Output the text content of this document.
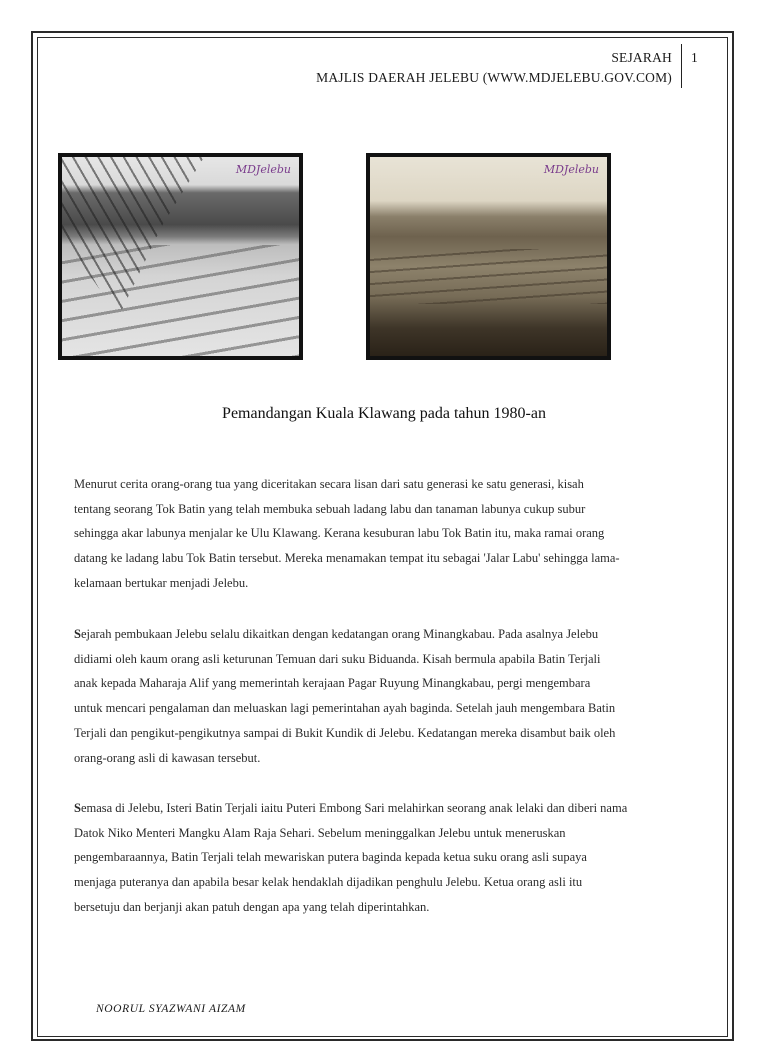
SEJARAH
MAJLIS DAERAH JELEBU (WWW.MDJELEBU.GOV.COM)
1
MDJelebu	MDJelebu
Pemandangan Kuala Klawang pada tahun 1980-an
Menurut cerita orang-orang tua yang diceritakan secara lisan dari satu generasi ke satu generasi, kisah
tentang seorang Tok Batin yang telah membuka sebuah ladang labu dan tanaman labunya cukup subur
sehingga akar labunya menjalar ke Ulu Klawang. Kerana kesuburan labu Tok Batin itu, maka ramai orang
datang ke ladang labu Tok Batin tersebut. Mereka menamakan tempat itu sebagai 'Jalar Labu' sehingga lama-
kelamaan bertukar menjadi Jelebu.
Sejarah pembukaan Jelebu selalu dikaitkan dengan kedatangan orang Minangkabau. Pada asalnya Jelebu
didiami oleh kaum orang asli keturunan Temuan dari suku Biduanda. Kisah bermula apabila Batin Terjali
anak kepada Maharaja Alif yang memerintah kerajaan Pagar Ruyung Minangkabau, pergi mengembara
untuk mencari pengalaman dan meluaskan lagi pemerintahan ayah baginda. Setelah jauh mengembara Batin
Terjali dan pengikut-pengikutnya sampai di Bukit Kundik di Jelebu. Kedatangan mereka disambut baik oleh
orang-orang asli di kawasan tersebut.
Semasa di Jelebu, Isteri Batin Terjali iaitu Puteri Embong Sari melahirkan seorang anak lelaki dan diberi nama
Datok Niko Menteri Mangku Alam Raja Sehari. Sebelum meninggalkan Jelebu untuk meneruskan
pengembaraannya, Batin Terjali telah mewariskan putera baginda kepada ketua suku orang asli supaya
menjaga puteranya dan apabila besar kelak hendaklah dijadikan penghulu Jelebu. Ketua orang asli itu
bersetuju dan berjanji akan patuh dengan apa yang telah diperintahkan.
NOORUL SYAZWANI AIZAM
